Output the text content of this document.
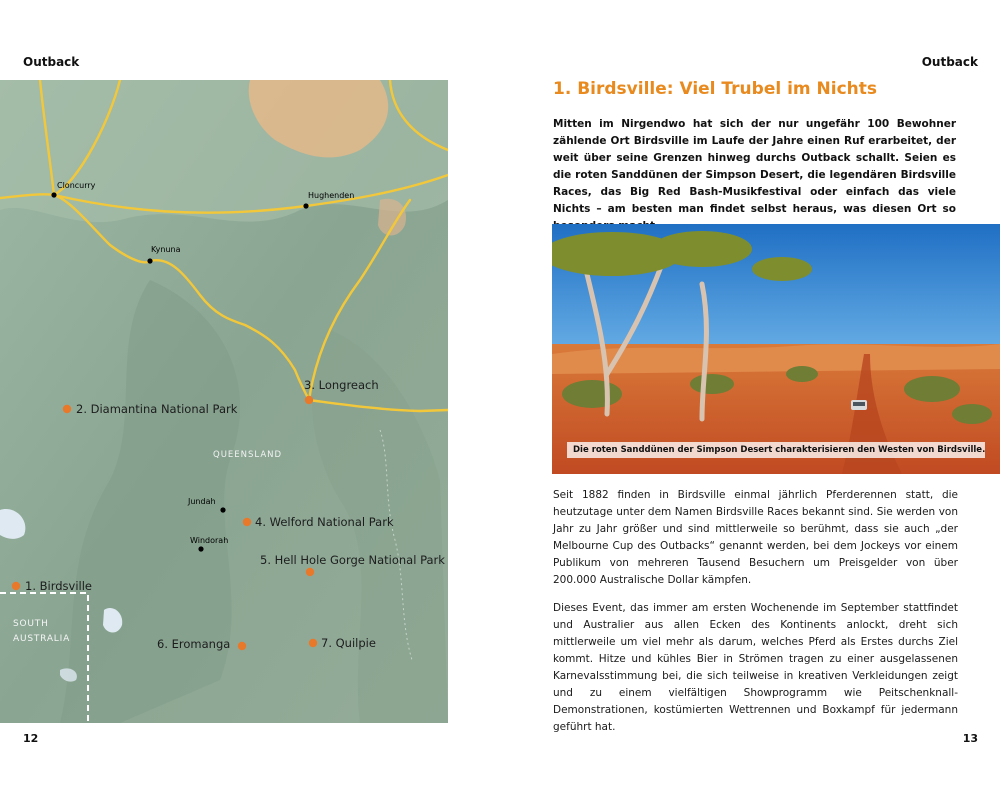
Outback
Cloncurry
Hughenden
Kynuna
Jundah
Windorah
1. Birdsville
2. Diamantina National Park
3. Longreach
4. Welford National Park
5. Hell Hole Gorge National Park
6. Eromanga	7. Quilpie
QUEENSLAND
SOUTH
AUSTRALIA
12
Outback
1. Birdsville: Viel Trubel im Nichts
Mitten im Nirgendwo hat sich der nur ungefähr 100 Bewohner zählende Ort Birdsville im Laufe der Jahre einen Ruf erarbeitet, der weit über seine Grenzen hinweg durchs Outback schallt. Seien es die roten Sanddünen der Simpson Desert, die legendären Birdsville Races, das Big Red Bash-Musikfestival oder einfach das viele Nichts – am besten man findet selbst heraus, was diesen Ort so
Die roten Sanddünen der Simpson Desert charakterisieren den Westen von Birdsville.
Seit 1882 finden in Birdsville einmal jährlich Pferderennen statt, die heutzutage unter dem Namen Birdsville Races bekannt sind. Sie werden von Jahr zu Jahr größer und sind mittlerweile so berühmt, dass sie auch „der Melbourne Cup des Outbacks“ genannt werden, bei dem Jockeys vor einem Publikum von mehreren Tausend Besuchern um Preisgelder von über 200.000 Australische Dollar kämpfen.
Dieses Event, das immer am ersten Wochenende im September stattfindet und Australier aus allen Ecken des Kontinents anlockt, dreht sich mittlerweile um viel mehr als darum, welches Pferd als Erstes durchs Ziel kommt. Hitze und kühles Bier in Strömen tragen zu einer ausgelassenen Karnevalsstimmung bei, die sich teilweise in kreativen Verkleidungen zeigt und zu einem vielfältigen Showprogramm wie Peitschenknall-Demonstrationen, kostümierten Wettrennen und Boxkampf für jedermann geführt hat.
13
